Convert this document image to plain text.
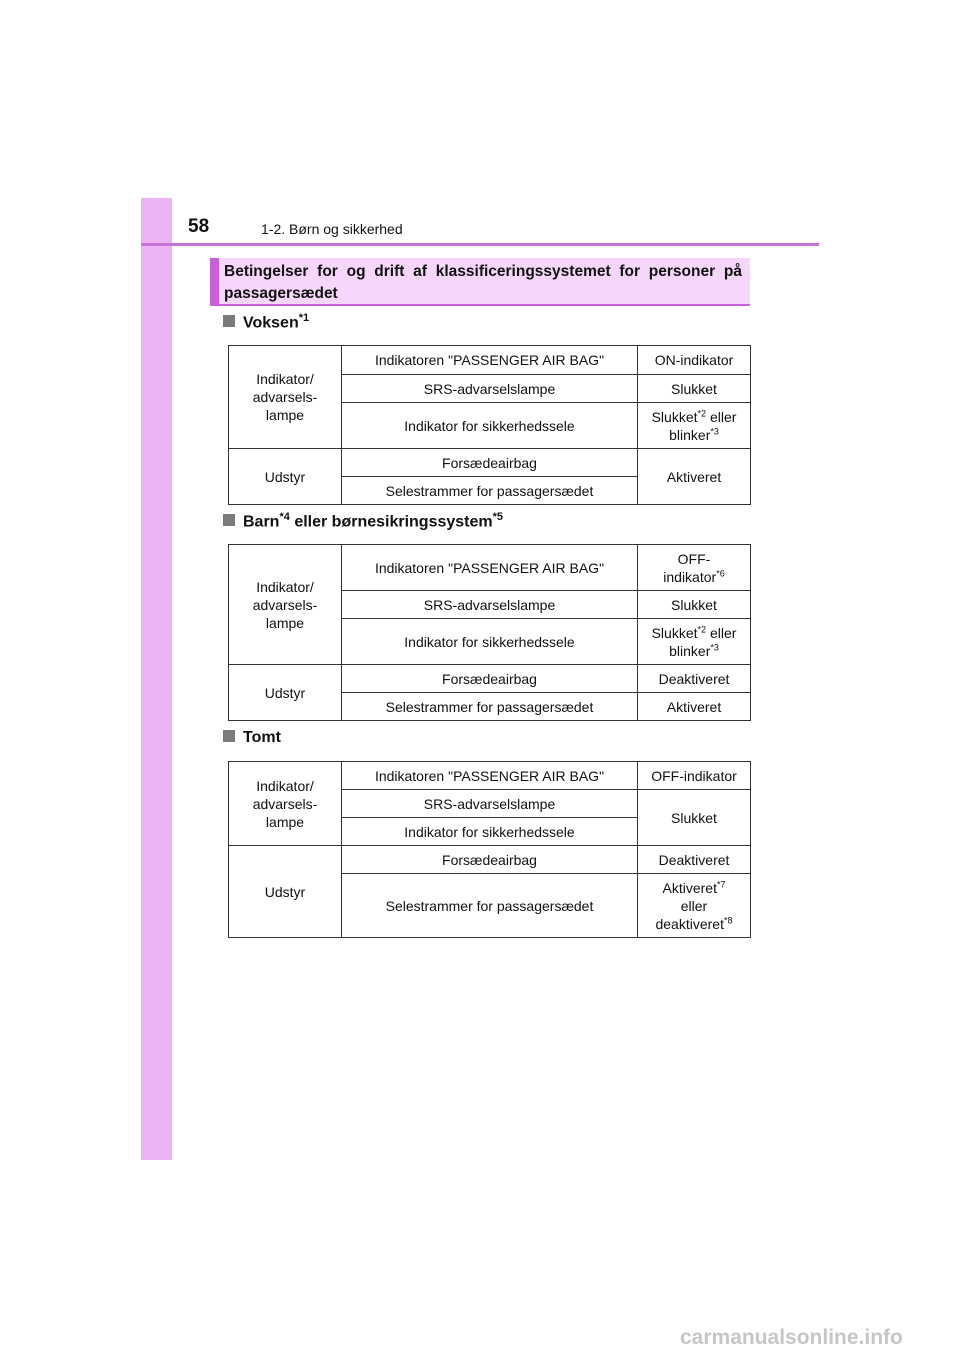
58	1-2. Børn og sikkerhed
Betingelser for og drift af klassificeringssystemet for personer på passagersædet
Voksen$^{*1}$
Indikator/
advarsels-
lampe	Indikatoren "PASSENGER AIR BAG"	ON-indikator
	SRS-advarselslampe	Slukket
	Indikator for sikkerhedssele	Slukket$^{*2}$ eller
blinker$^{*3}$
Udstyr	Forsædeairbag	Aktiveret
	Selestrammer for passagersædet	
Barn$^{*4}$ eller børnesikringssystem$^{*5}$
Indikator/
advarsels-
lampe	Indikatoren "PASSENGER AIR BAG"	OFF-
indikator$^{*6}$
	SRS-advarselslampe	Slukket
	Indikator for sikkerhedssele	Slukket$^{*2}$ eller
blinker$^{*3}$
Udstyr	Forsædeairbag	Deaktiveret
	Selestrammer for passagersædet	Aktiveret
Tomt
Indikator/
advarsels-
lampe	Indikatoren "PASSENGER AIR BAG"	OFF-indikator
	SRS-advarselslampe	Slukket
	Indikator for sikkerhedssele	
Udstyr	Forsædeairbag	Deaktiveret
	Selestrammer for passagersædet	Aktiveret$^{*7}$
eller
deaktiveret$^{*8}$
carmanualsonline.info
